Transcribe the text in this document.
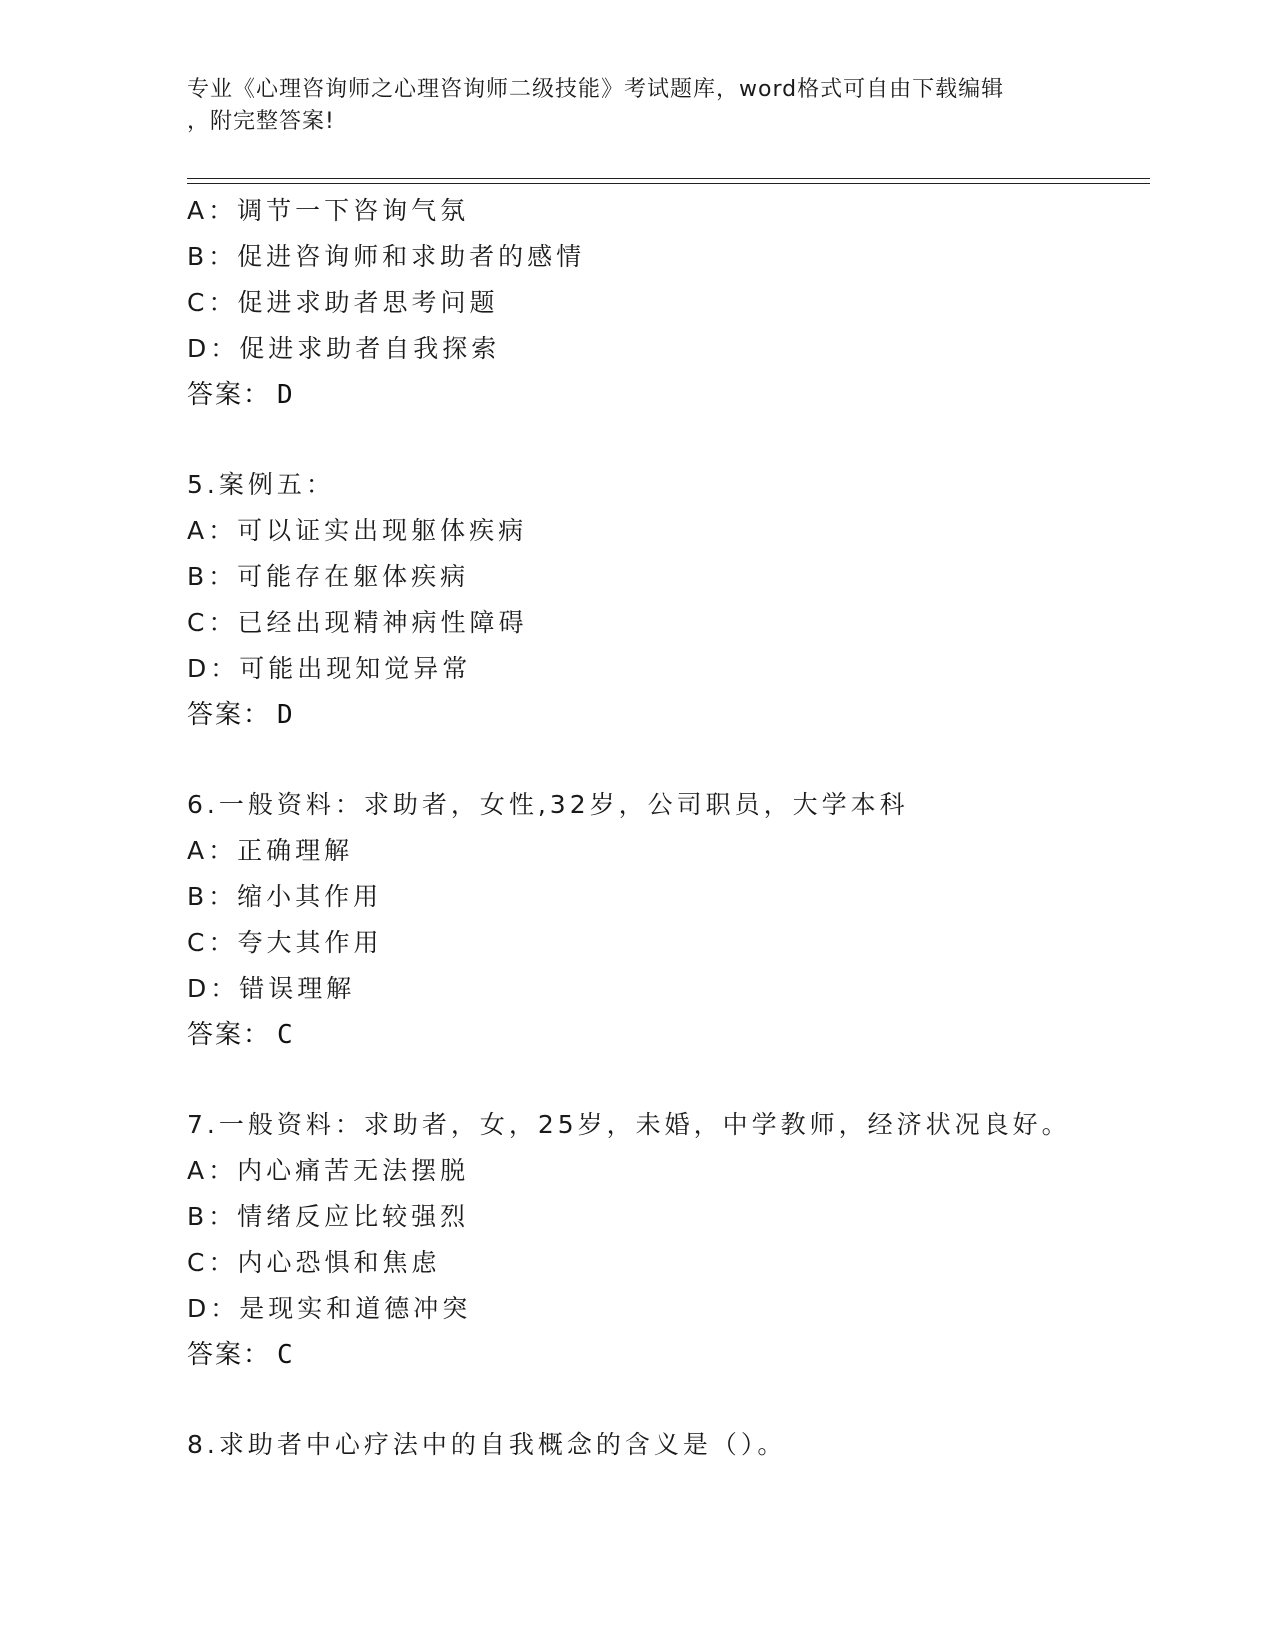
专业《心理咨询师之心理咨询师二级技能》考试题库，word格式可自由下载编辑
，附完整答案!
A：调节一下咨询气氛
B：促进咨询师和求助者的感情
C：促进求助者思考问题
D：促进求助者自我探索
答案： D
5.案例五：
A：可以证实出现躯体疾病
B：可能存在躯体疾病
C：已经出现精神病性障碍
D：可能出现知觉异常
答案： D
6.一般资料：求助者，女性,32岁，公司职员，大学本科
A：正确理解
B：缩小其作用
C：夸大其作用
D：错误理解
答案： C
7.一般资料：求助者，女，25岁，未婚，中学教师，经济状况良好。
A：内心痛苦无法摆脱
B：情绪反应比较强烈
C：内心恐惧和焦虑
D：是现实和道德冲突
答案： C
8.求助者中心疗法中的自我概念的含义是（）。
